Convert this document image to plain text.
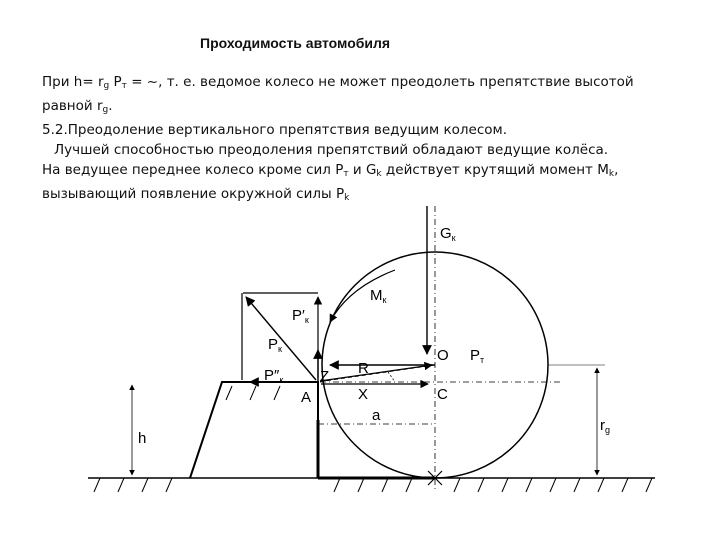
Проходимость автомобиля
При $h= r_g$ $P_т$ = ~, т. е. ведомое колесо не может преодолеть препятствие высотой
равной $r_g$.
5.2.Преодоление вертикального препятствия ведущим колесом.
Лучшей способностью преодоления препятствий обладают ведущие колёса.
На ведущее переднее колесо кроме сил $P_т$ и $G_k$ действует крутящий момент $M_k$,
вызывающий появление окружной силы $P_k$
$G_к$
$M_к$
$P'_к$
$P_к$
$P''_к$ Z
A
R
X
O $P_т$
C
a
h
$r_g$
